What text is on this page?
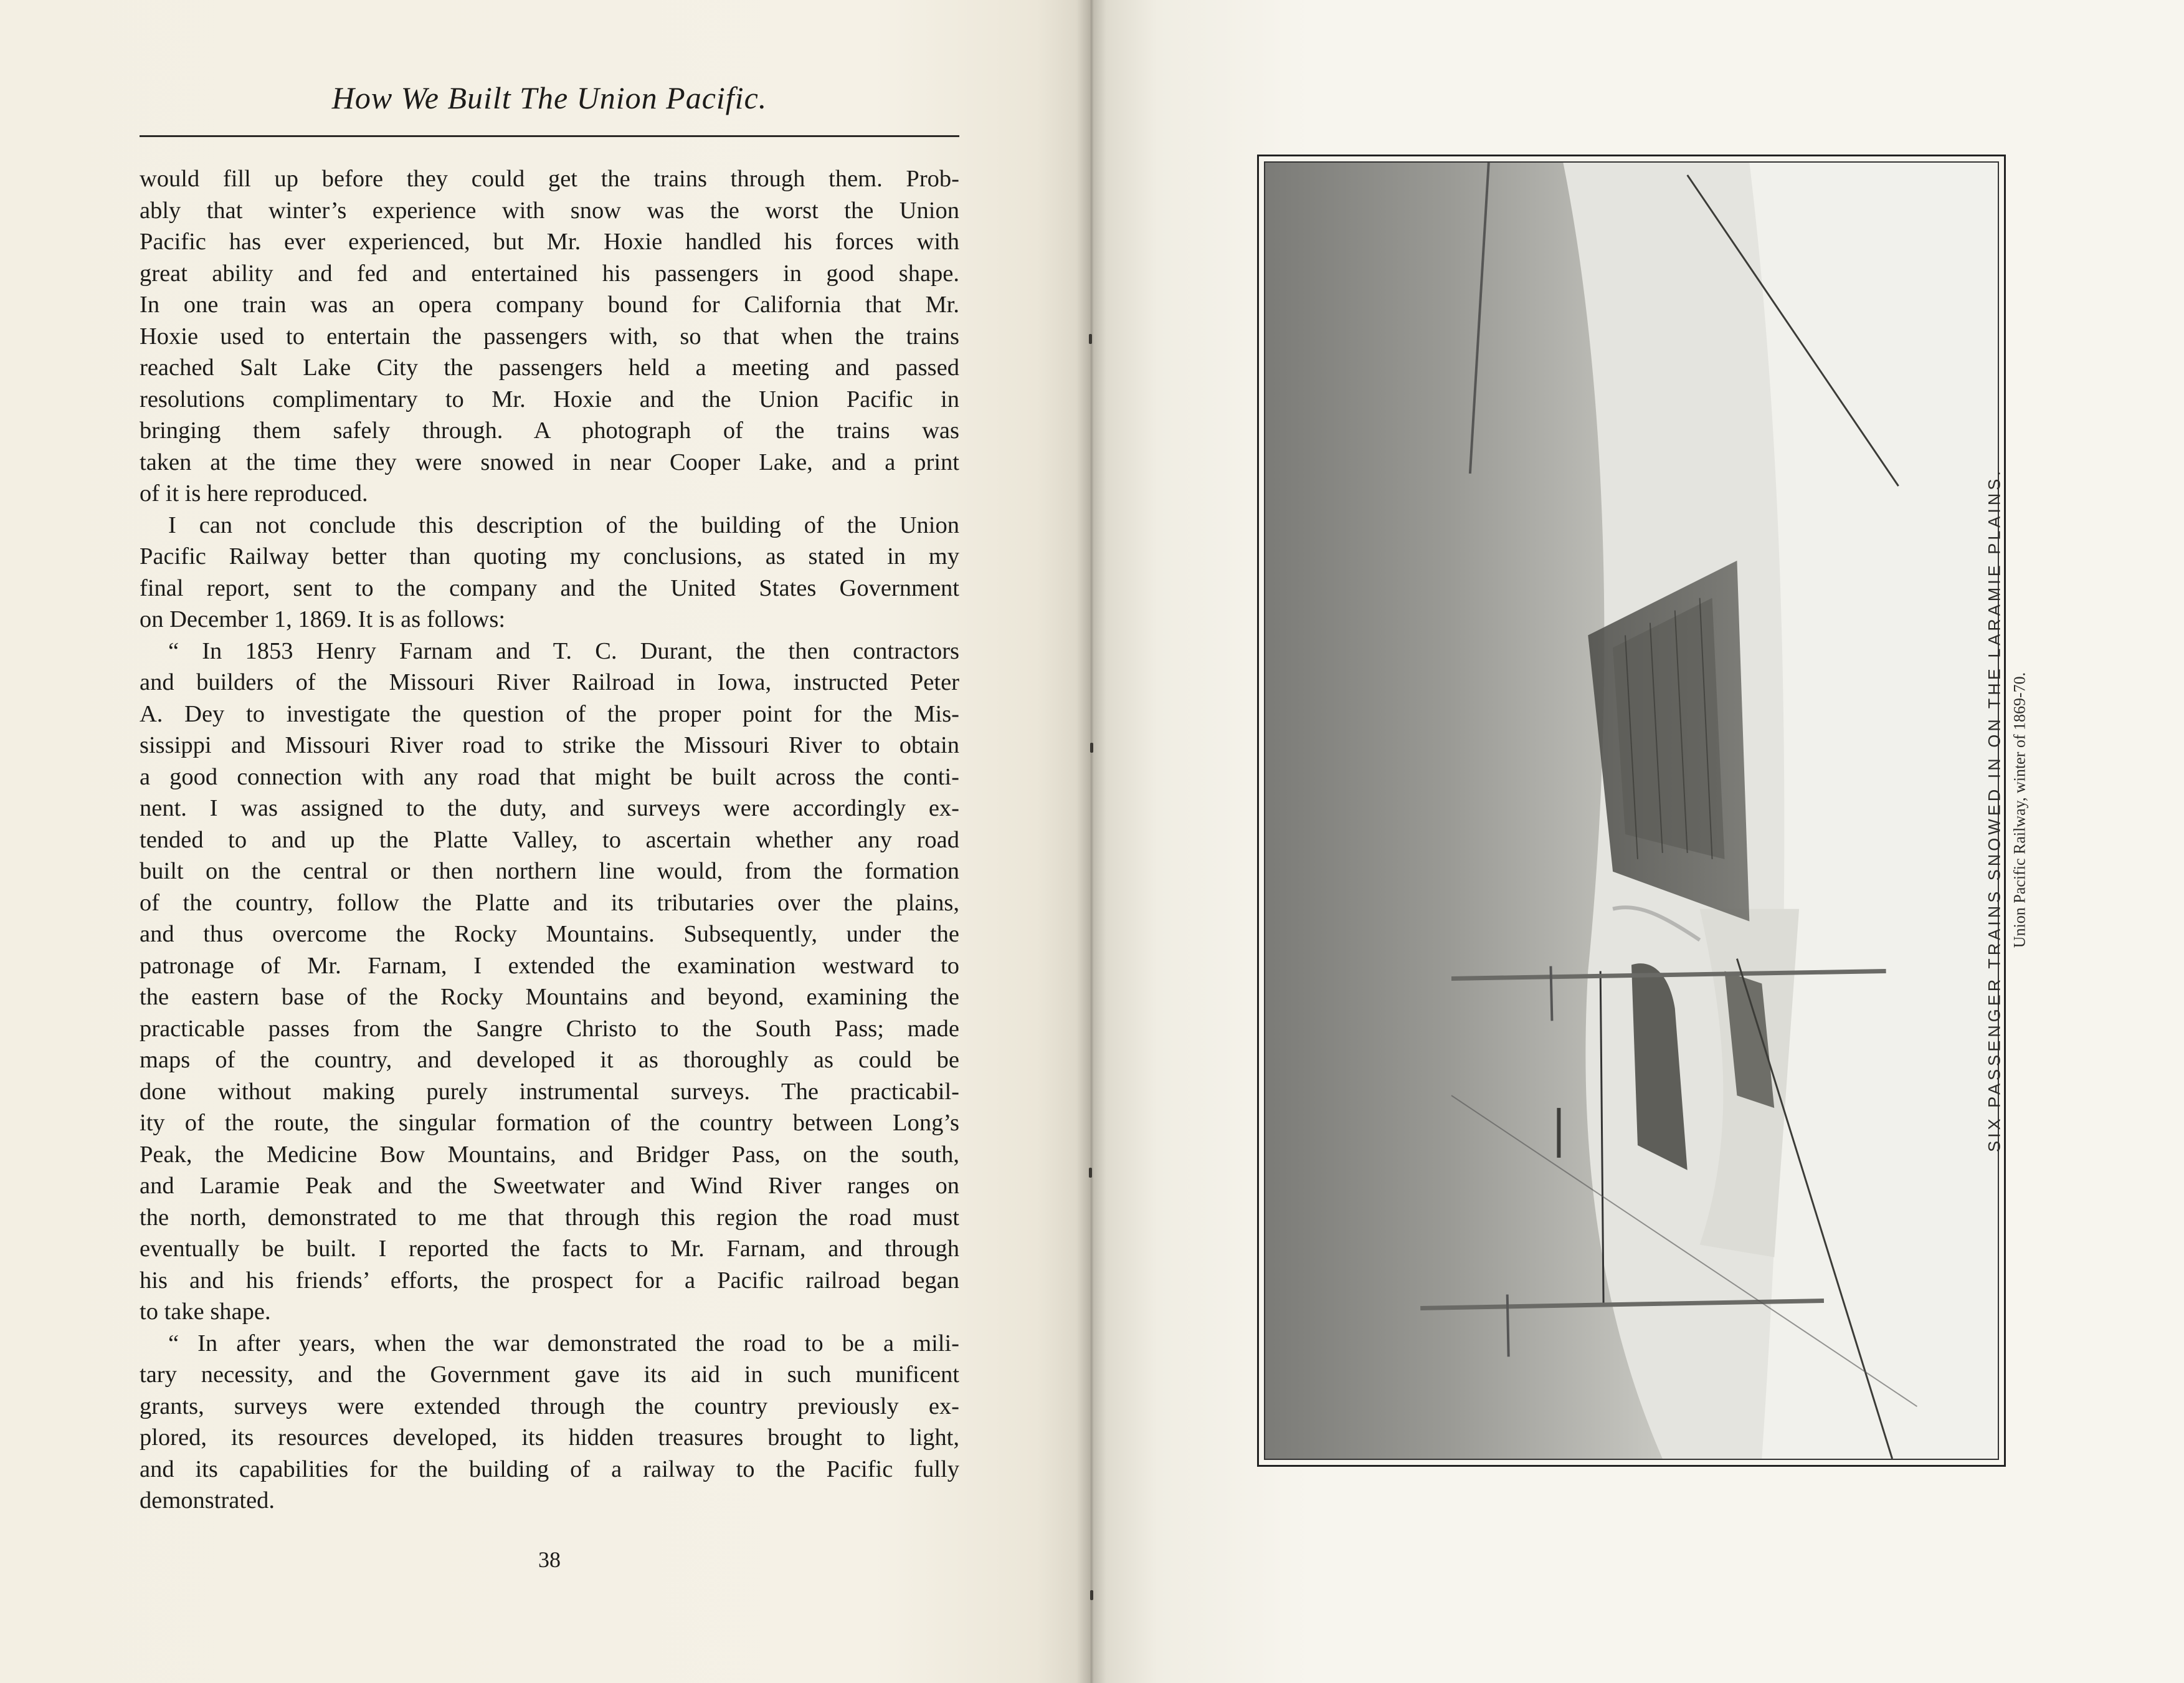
How We Built The Union Pacific.
would fill up before they could get the trains through them. Prob-
ably that winter’s experience with snow was the worst the Union
Pacific has ever experienced, but Mr. Hoxie handled his forces with
great ability and fed and entertained his passengers in good shape.
In one train was an opera company bound for California that Mr.
Hoxie used to entertain the passengers with, so that when the trains
reached Salt Lake City the passengers held a meeting and passed
resolutions complimentary to Mr. Hoxie and the Union Pacific in
bringing them safely through. A photograph of the trains was
taken at the time they were snowed in near Cooper Lake, and a print
of it is here reproduced.
I can not conclude this description of the building of the Union
Pacific Railway better than quoting my conclusions, as stated in my
final report, sent to the company and the United States Government
on December 1, 1869. It is as follows:
“ In 1853 Henry Farnam and T. C. Durant, the then contractors
and builders of the Missouri River Railroad in Iowa, instructed Peter
A. Dey to investigate the question of the proper point for the Mis-
sissippi and Missouri River road to strike the Missouri River to obtain
a good connection with any road that might be built across the conti-
nent. I was assigned to the duty, and surveys were accordingly ex-
tended to and up the Platte Valley, to ascertain whether any road
built on the central or then northern line would, from the formation
of the country, follow the Platte and its tributaries over the plains,
and thus overcome the Rocky Mountains. Subsequently, under the
patronage of Mr. Farnam, I extended the examination westward to
the eastern base of the Rocky Mountains and beyond, examining the
practicable passes from the Sangre Christo to the South Pass; made
maps of the country, and developed it as thoroughly as could be
done without making purely instrumental surveys. The practicabil-
ity of the route, the singular formation of the country between Long’s
Peak, the Medicine Bow Mountains, and Bridger Pass, on the south,
and Laramie Peak and the Sweetwater and Wind River ranges on
the north, demonstrated to me that through this region the road must
eventually be built. I reported the facts to Mr. Farnam, and through
his and his friends’ efforts, the prospect for a Pacific railroad began
to take shape.
“ In after years, when the war demonstrated the road to be a mili-
tary necessity, and the Government gave its aid in such munificent
grants, surveys were extended through the country previously ex-
plored, its resources developed, its hidden treasures brought to light,
and its capabilities for the building of a railway to the Pacific fully
demonstrated.
38
SIX PASSENGER TRAINS SNOWED IN ON THE LARAMIE PLAINS. Union Pacific Railway, winter of 1869-70.
